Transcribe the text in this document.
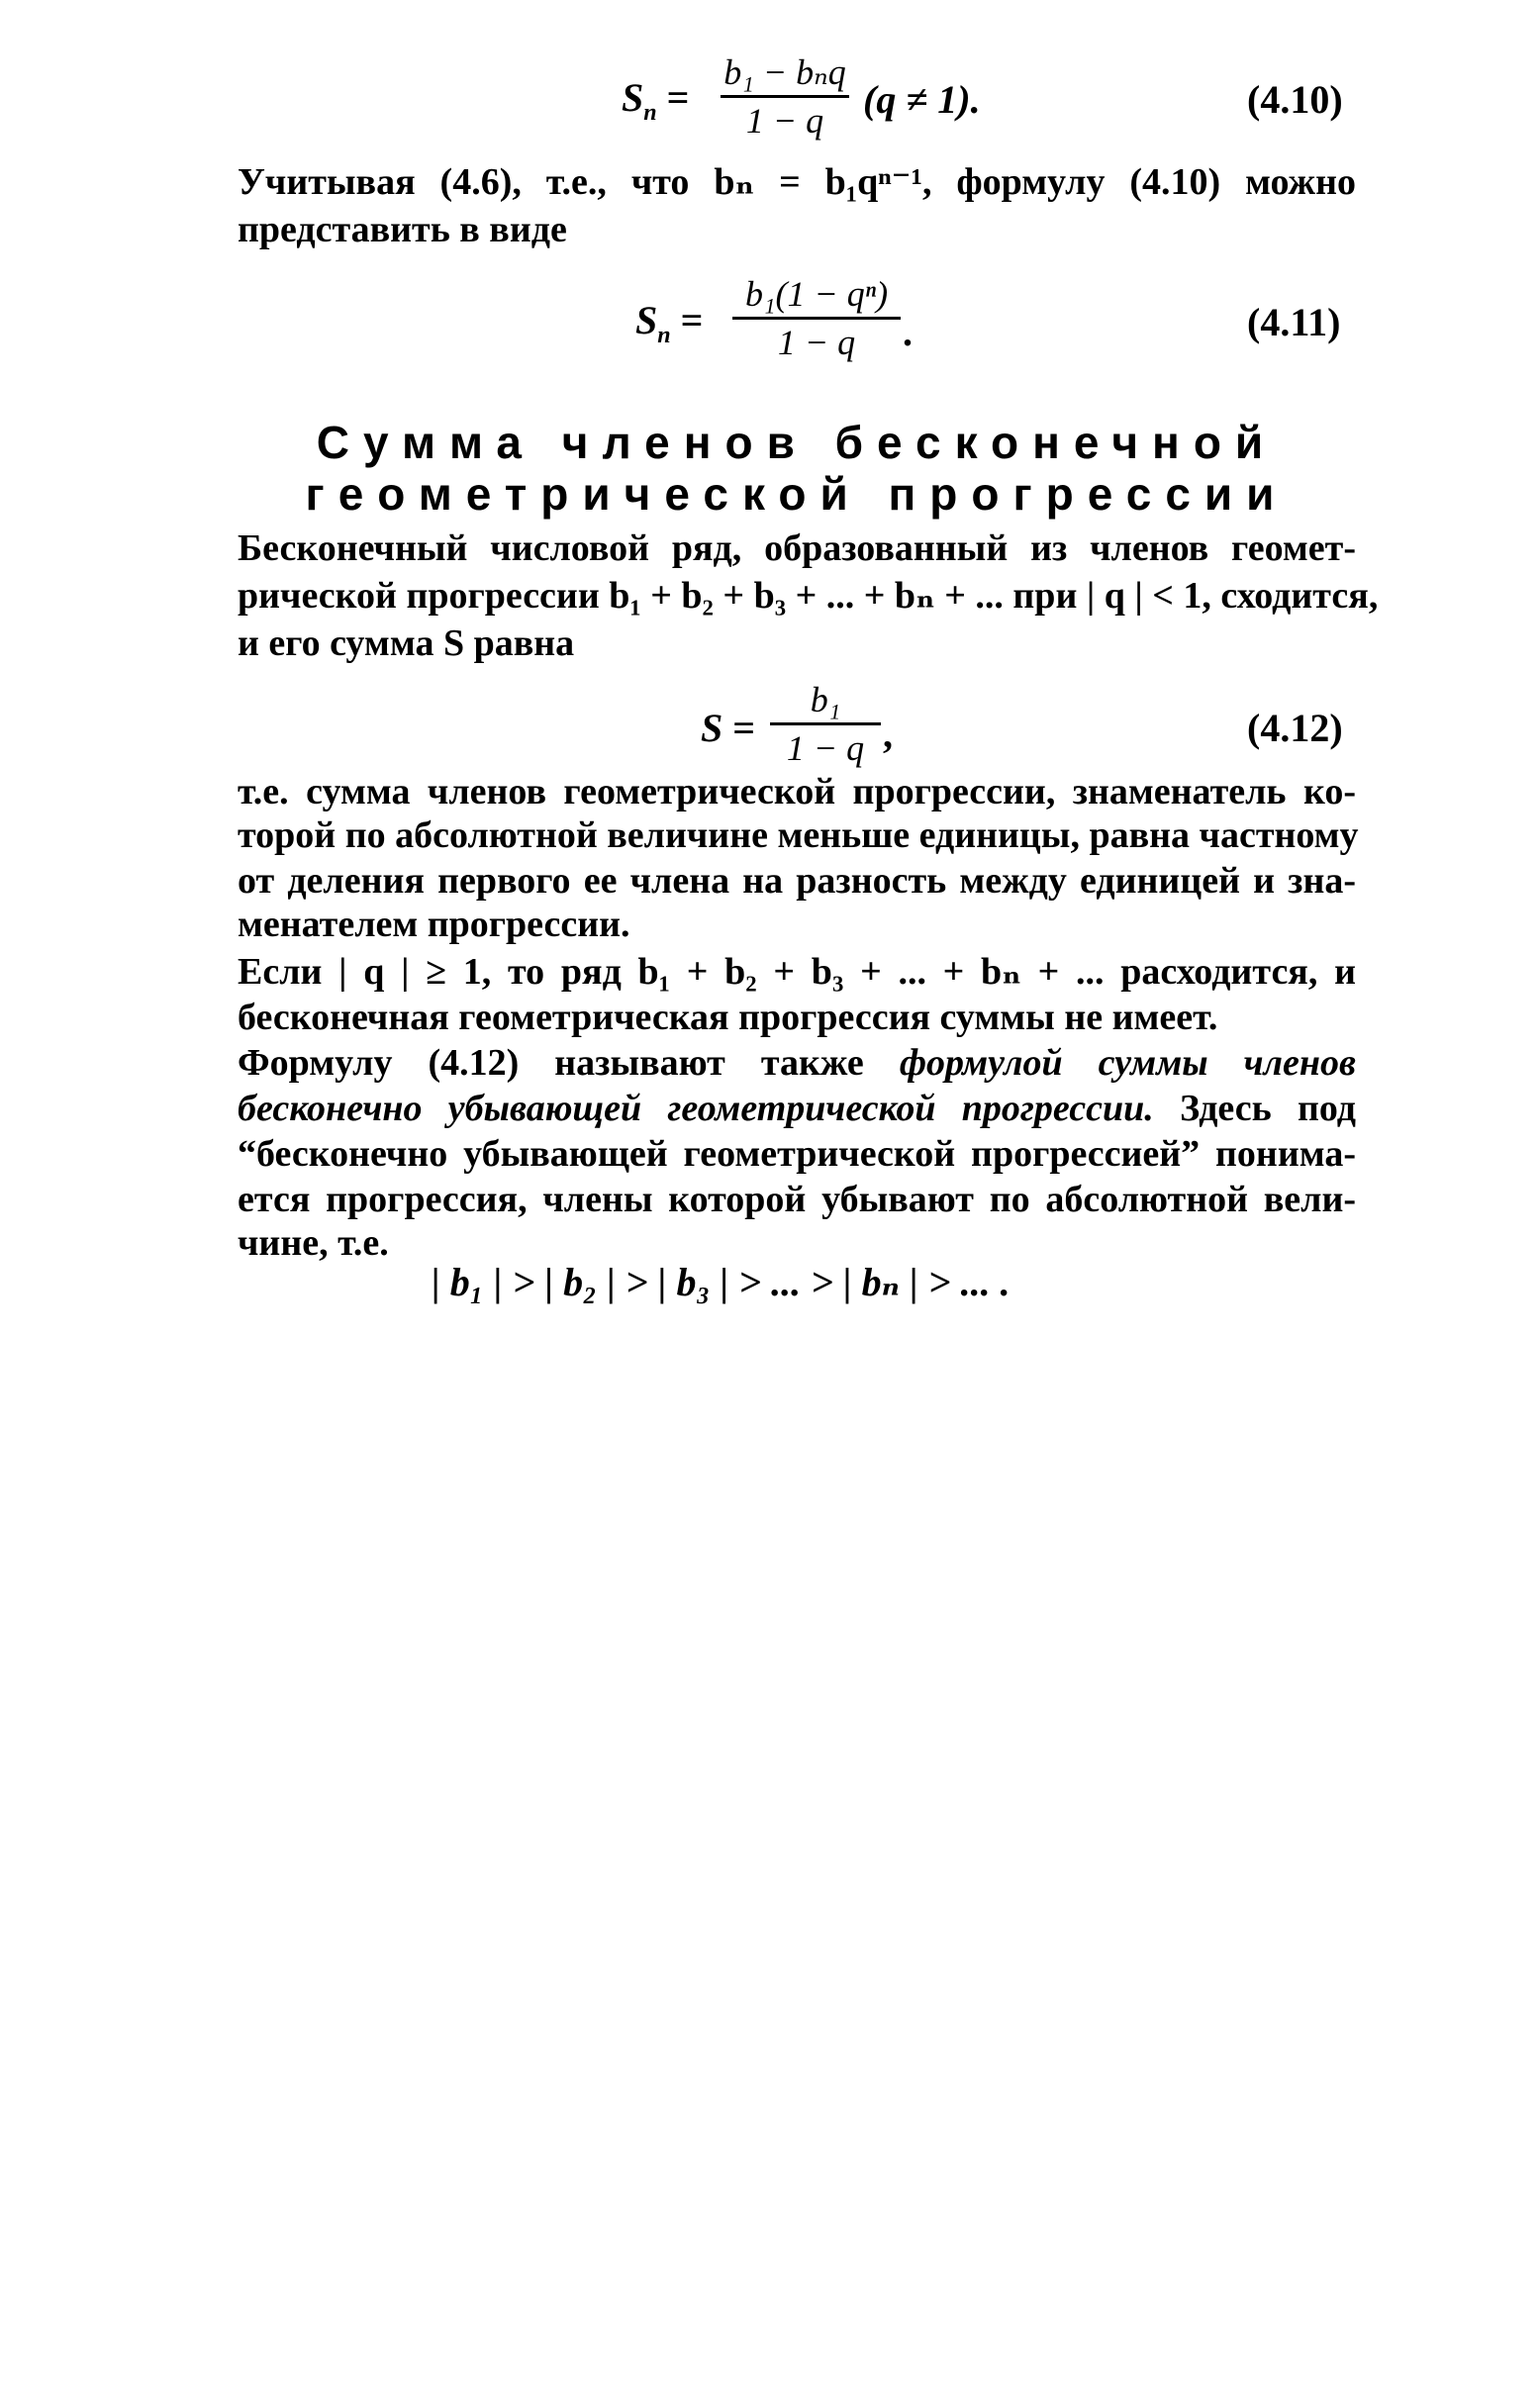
$S_n$ =
b₁ − bₙq
1 − q (q ≠ 1).	(4.10)
Учитывая (4.6), т.е., что bₙ = b₁qⁿ⁻¹, формулу (4.10) можно
представить в виде
$S_n$ =
b₁(1 − qⁿ)
1 − q	.	(4.11)
Сумма членов бесконечной
геометрической прогрессии
Бесконечный числовой ряд, образованный из членов геомет-
рической прогрессии b₁ + b₂ + b₃ + ... + bₙ + ... при | q | < 1, сходится,
и его сумма S равна
S =
b₁
1 − q ,	(4.12)
т.е. сумма членов геометрической прогрессии, знаменатель ко-
торой по абсолютной величине меньше единицы, равна частному
от деления первого ее члена на разность между единицей и зна-
менателем прогрессии.
Если | q | ≥ 1, то ряд b₁ + b₂ + b₃ + ... + bₙ + ... расходится, и
бесконечная геометрическая прогрессия суммы не имеет.
Формулу (4.12) называют также формулой суммы членов
бесконечно убывающей геометрической прогрессии. Здесь под
“бесконечно убывающей геометрической прогрессией” понима-
ется прогрессия, члены которой убывают по абсолютной вели-
чине, т.е.
| b₁ | > | b₂ | > | b₃ | > ... > | bₙ | > ... .
